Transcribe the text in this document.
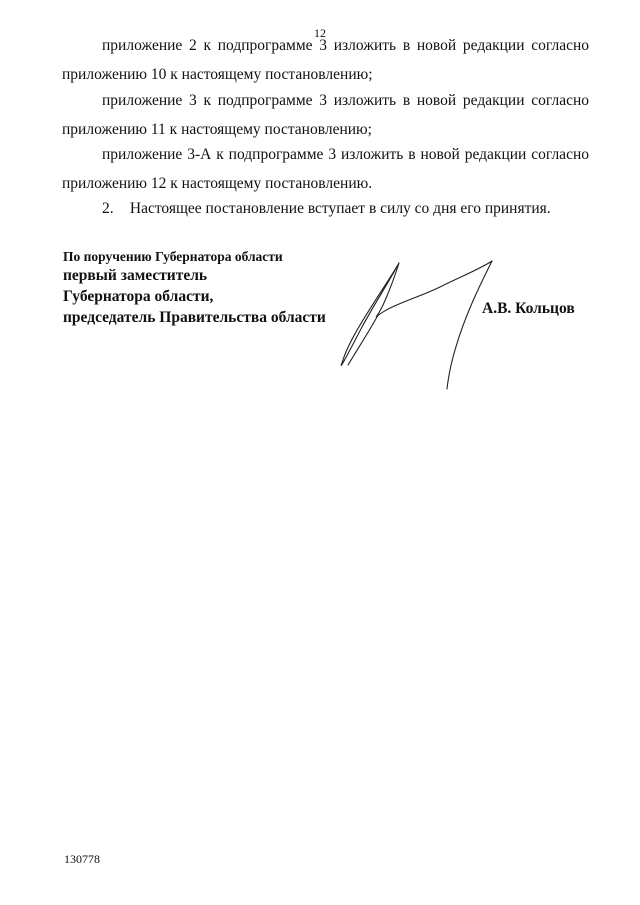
12

приложение 2 к подпрограмме 3 изложить в новой редакции согласно приложению 10 к настоящему постановлению;

приложение 3 к подпрограмме 3 изложить в новой редакции согласно приложению 11 к настоящему постановлению;

приложение 3-А к подпрограмме 3 изложить в новой редакции согласно приложению 12 к настоящему постановлению.

2. Настоящее постановление вступает в силу со дня его принятия.

По поручению Губернатора области
первый заместитель
Губернатора области,
председатель Правительства области
А.В. Кольцов
130778
